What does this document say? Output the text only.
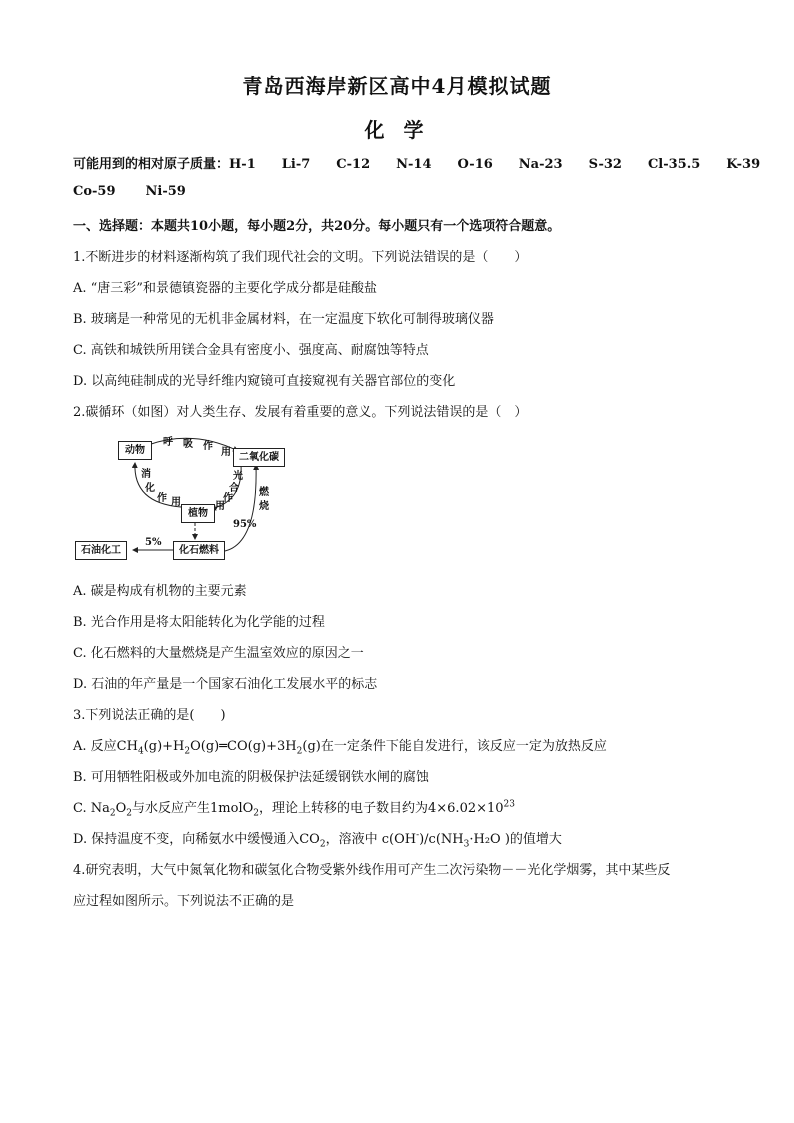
青岛西海岸新区高中4月模拟试题
化 学
可能用到的相对原子质量：H-1 Li-7 C-12 N-14 O-16 Na-23 S-32 Cl-35.5 K-39
Co-59 Ni-59
一、选择题：本题共10小题，每小题2分，共20分。每小题只有一个选项符合题意。
1.不断进步的材料逐渐构筑了我们现代社会的文明。下列说法错误的是（　　）
A. “唐三彩”和景德镇瓷器的主要化学成分都是硅酸盐
B. 玻璃是一种常见的无机非金属材料，在一定温度下软化可制得玻璃仪器
C. 高铁和城铁所用镁合金具有密度小、强度高、耐腐蚀等特点
D. 以高纯硅制成的光导纤维内窥镜可直接窥视有关器官部位的变化
2.碳循环（如图）对人类生存、发展有着重要的意义。下列说法错误的是（　）
动物
二氧化碳
植物
化石燃料
石油化工
呼 吸 作
用
消
化
作 用
光
合
作
用
燃
烧
95%
5%
A. 碳是构成有机物的主要元素
B. 光合作用是将太阳能转化为化学能的过程
C. 化石燃料的大量燃烧是产生温室效应的原因之一
D. 石油的年产量是一个国家石油化工发展水平的标志
3.下列说法正确的是(　　)
A. 反应$CH_4(g)+H_2O(g)═CO(g)+3H_2(g)$在一定条件下能自发进行，该反应一定为放热反应
B. 可用牺牲阳极或外加电流的阴极保护法延缓钢铁水闸的腐蚀
C. $Na_2O_2$与水反应产生1molO$_2$，理论上转移的电子数目约为$4\times 6.02\times 10^{23}$
D. 保持温度不变，向稀氨水中缓慢通入$CO_2$，溶液中 $c(OH^-)/c(NH_3\cdot H_2O$ )的值增大
4.研究表明，大气中氮氧化物和碳氢化合物受紫外线作用可产生二次污染物－－光化学烟雾，其中某些反
应过程如图所示。下列说法不正确的是
